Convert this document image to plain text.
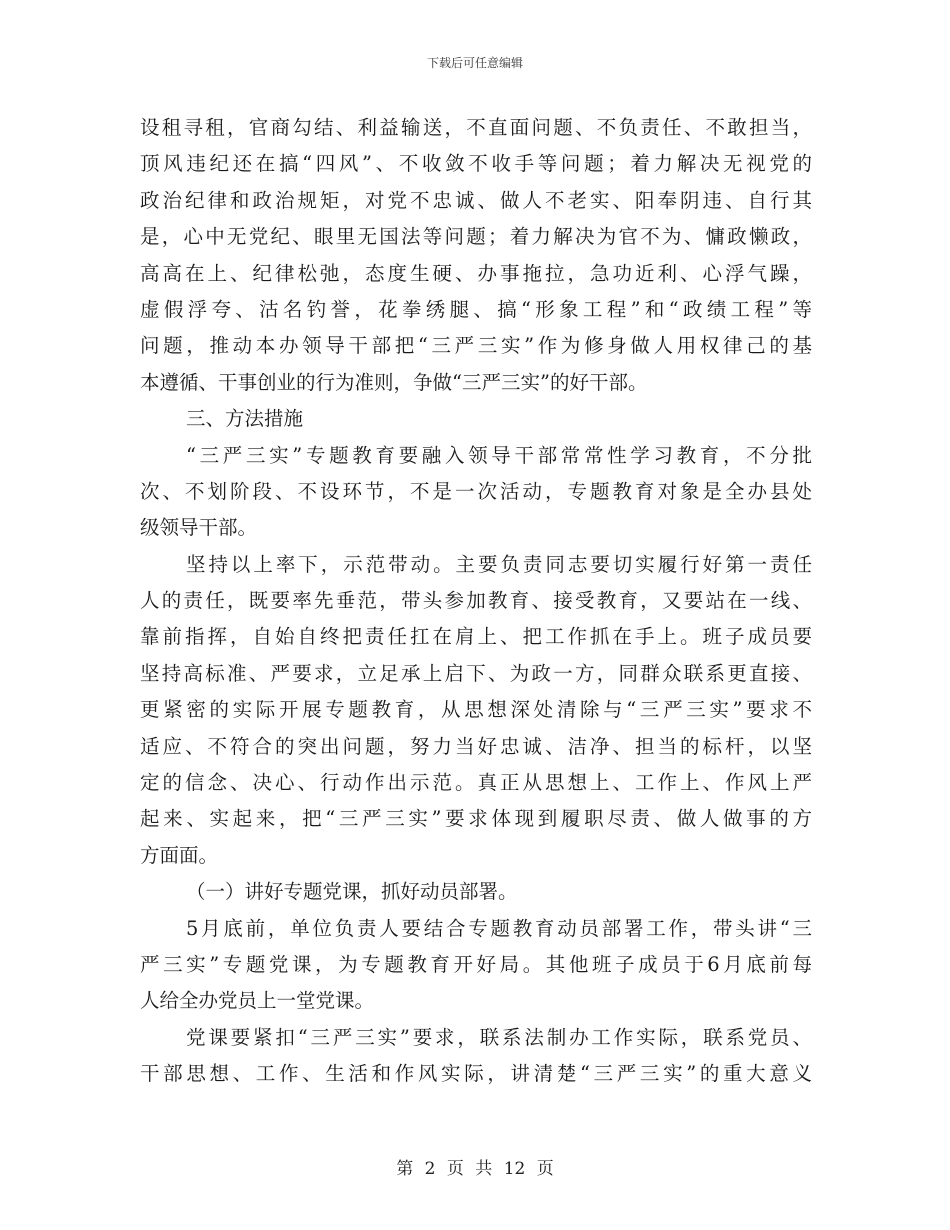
下载后可任意编辑
设租寻租，官商勾结、利益输送，不直面问题、不负责任、不敢担当，
顶风违纪还在搞“四风”、不收敛不收手等问题；着力解决无视党的
政治纪律和政治规矩，对党不忠诚、做人不老实、阳奉阴违、自行其
是，心中无党纪、眼里无国法等问题；着力解决为官不为、慵政懒政，
高高在上、纪律松弛，态度生硬、办事拖拉，急功近利、心浮气躁，
虚假浮夸、沽名钓誉，花拳绣腿、搞“形象工程”和“政绩工程”等
问题，推动本办领导干部把“三严三实”作为修身做人用权律己的基
本遵循、干事创业的行为准则，争做“三严三实”的好干部。
三、方法措施
“三严三实”专题教育要融入领导干部常常性学习教育，不分批
次、不划阶段、不设环节，不是一次活动，专题教育对象是全办县处
级领导干部。
坚持以上率下，示范带动。主要负责同志要切实履行好第一责任
人的责任，既要率先垂范，带头参加教育、接受教育，又要站在一线、
靠前指挥，自始自终把责任扛在肩上、把工作抓在手上。班子成员要
坚持高标准、严要求，立足承上启下、为政一方，同群众联系更直接、
更紧密的实际开展专题教育，从思想深处清除与“三严三实”要求不
适应、不符合的突出问题，努力当好忠诚、洁净、担当的标杆，以坚
定的信念、决心、行动作出示范。真正从思想上、工作上、作风上严
起来、实起来，把“三严三实”要求体现到履职尽责、做人做事的方
方面面。
（一）讲好专题党课，抓好动员部署。
5月底前，单位负责人要结合专题教育动员部署工作，带头讲“三
严三实”专题党课，为专题教育开好局。其他班子成员于6月底前每
人给全办党员上一堂党课。
党课要紧扣“三严三实”要求，联系法制办工作实际，联系党员、
干部思想、工作、生活和作风实际，讲清楚“三严三实”的重大意义
第 2 页 共 12 页
